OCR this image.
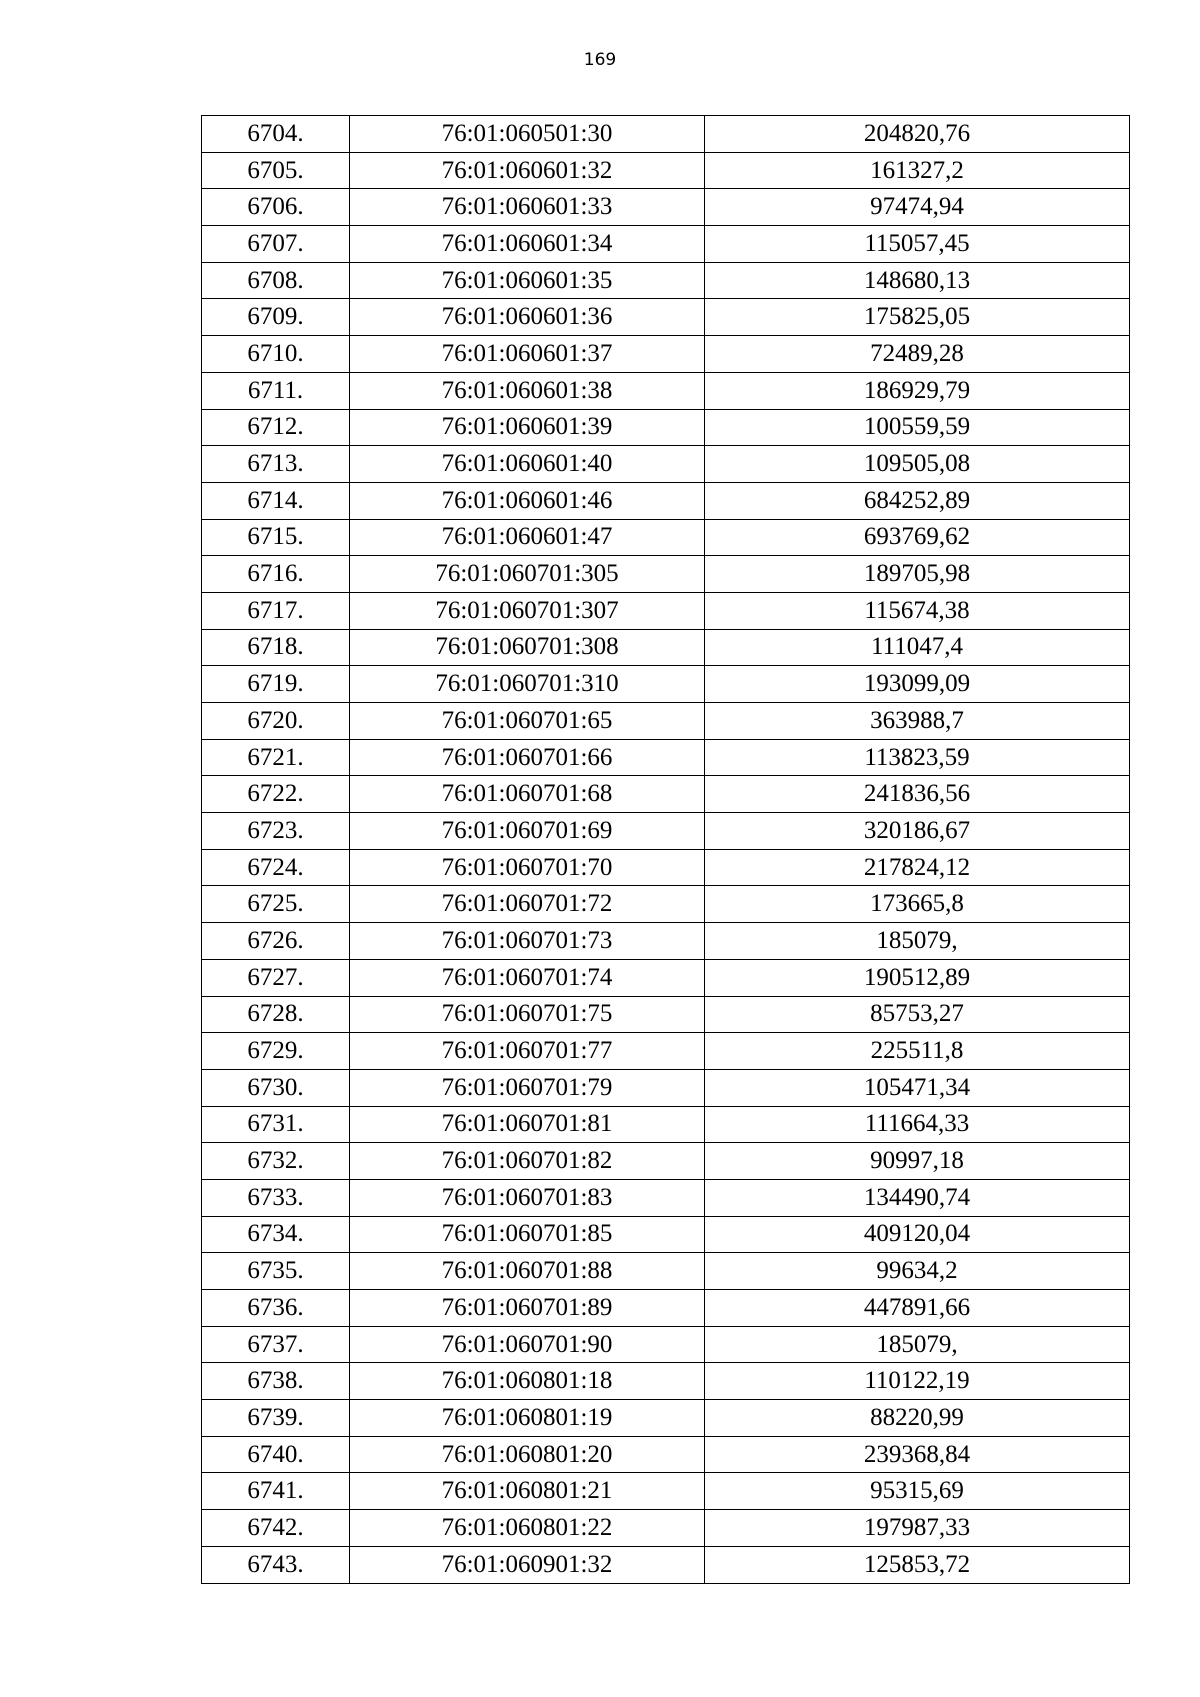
169
6704.	76:01:060501:30	204820,76
6705.	76:01:060601:32	161327,2
6706.	76:01:060601:33	97474,94
6707.	76:01:060601:34	115057,45
6708.	76:01:060601:35	148680,13
6709.	76:01:060601:36	175825,05
6710.	76:01:060601:37	72489,28
6711.	76:01:060601:38	186929,79
6712.	76:01:060601:39	100559,59
6713.	76:01:060601:40	109505,08
6714.	76:01:060601:46	684252,89
6715.	76:01:060601:47	693769,62
6716.	76:01:060701:305	189705,98
6717.	76:01:060701:307	115674,38
6718.	76:01:060701:308	111047,4
6719.	76:01:060701:310	193099,09
6720.	76:01:060701:65	363988,7
6721.	76:01:060701:66	113823,59
6722.	76:01:060701:68	241836,56
6723.	76:01:060701:69	320186,67
6724.	76:01:060701:70	217824,12
6725.	76:01:060701:72	173665,8
6726.	76:01:060701:73	185079,
6727.	76:01:060701:74	190512,89
6728.	76:01:060701:75	85753,27
6729.	76:01:060701:77	225511,8
6730.	76:01:060701:79	105471,34
6731.	76:01:060701:81	111664,33
6732.	76:01:060701:82	90997,18
6733.	76:01:060701:83	134490,74
6734.	76:01:060701:85	409120,04
6735.	76:01:060701:88	99634,2
6736.	76:01:060701:89	447891,66
6737.	76:01:060701:90	185079,
6738.	76:01:060801:18	110122,19
6739.	76:01:060801:19	88220,99
6740.	76:01:060801:20	239368,84
6741.	76:01:060801:21	95315,69
6742.	76:01:060801:22	197987,33
6743.	76:01:060901:32	125853,72
